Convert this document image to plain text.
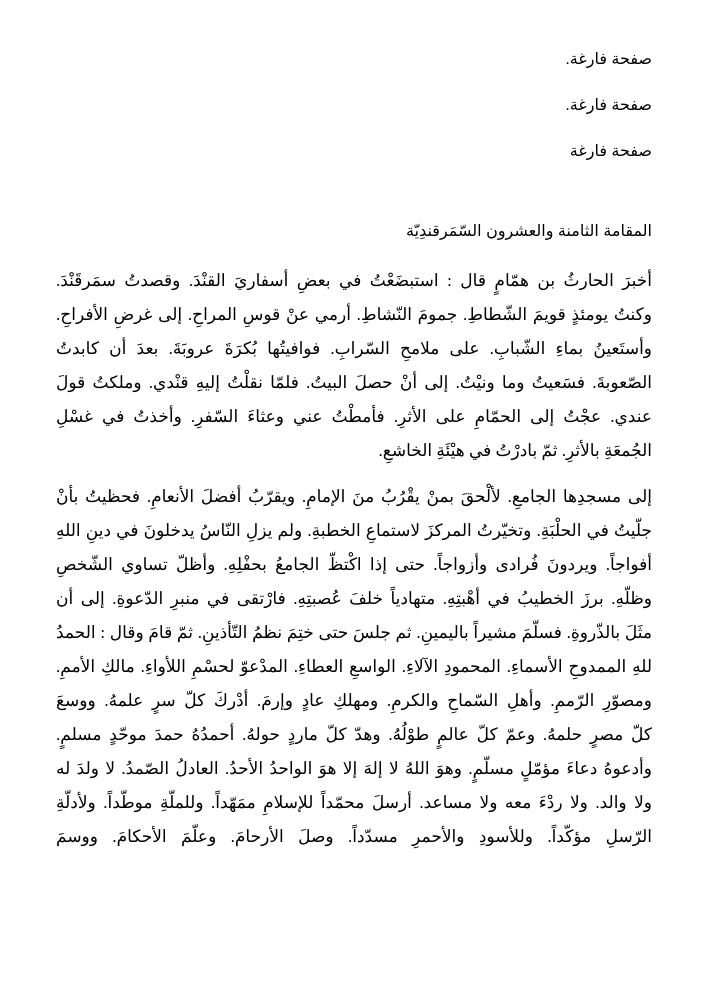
صفحة فارغة.
صفحة فارغة.
صفحة فارغة
المقامة الثامنة والعشرون السّمَرقندِيّة
أخبرَ الحارثُ بن همّامٍ قال : استبضَعْتُ في بعضِ أسفاريَ القنْدَ. وقصدتُ سمَرقَنْدَ.
وكنتُ يومئذٍ قويمَ الشّطاطِ. جمومَ النّشاطِ. أرمي عنْ قوسِ المراحِ. إلى غرضِ الأفراحِ.
وأستَعينُ بماءِ الشّبابِ. على ملامحِ السّرابِ. فوافيتُها بُكرَةَ عروبَةَ. بعدَ أن كابدتُ
الصّعوبةَ. فسَعيتُ وما ونيْتُ. إلى أنْ حصلَ البيتُ. فلمّا نقلْتُ إليهِ قنْدي. وملكتُ قولَ
عندي. عجْتُ إلى الحمّامِ على الأثرِ. فأمطْتُ عني وعثاءَ السّفرِ. وأخذتُ في غسْلِ
الجُمعَةِ بالأثرِ. ثمّ بادرْتُ في هيْئَةِ الخاشعِ.
إلى مسجدِها الجامعِ. لألْحقَ بمنْ يقْرُبُ منَ الإمامِ. ويقرّبُ أفضلَ الأنعامِ. فحظيتُ بأنْ
جلّيتُ في الحلْبَةِ. وتخيّرتُ المركزَ لاستماعِ الخطبةِ. ولم يزلِ النّاسُ يدخلونَ في دينِ اللهِ
أفواجاً. ويردونَ فُرادى وأزواجاً. حتى إذا اكْتظّ الجامعُ بحفْلِهِ. وأظلّ تساوي الشّخصِ
وظلّهِ. برزَ الخطيبُ في أهْبتِهِ. متهادياً خلفَ عُصبتِهِ. فارْتقى في منبرِ الدّعوةِ. إلى أن
مثَلَ بالذّروةِ. فسلّمَ مشيراً باليمينِ. ثم جلسَ حتى ختِمَ نظمُ التّأذينِ. ثمّ قامَ وقال : الحمدُ
للهِ الممدوحِ الأسماءِ. المحمودِ الآلاءِ. الواسعِ العطاءِ. المدْعوّ لحسْمِ اللأواءِ. مالكِ الأممِ.
ومصوّرِ الرّممِ. وأهلِ السّماحِ والكرمِ. ومهلكِ عادٍ وإرمَ. أدْركَ كلّ سرٍ علمهُ. ووسعَ
كلّ مصرٍ حلمهُ. وعمّ كلّ عالمٍ طوْلُهُ. وهدّ كلّ ماردٍ حولهُ. أحمدُهُ حمدَ موحّدٍ مسلمٍ.
وأدعوهُ دعاءَ مؤمّلٍ مسلّمٍ. وهوَ اللهُ لا إلهَ إلا هوَ الواحدُ الأحدُ. العادلُ الصّمدُ. لا ولدَ له
ولا والد. ولا ردْءَ معه ولا مساعد. أرسلَ محمّداً للإسلامِ ممَهّداً. وللملّةِ موطّداً. ولأدلّةِ
الرّسلِ مؤكّداً. وللأسودِ والأحمرِ مسدّداً. وصلَ الأرحامَ. وعلّمَ الأحكامَ. ووسمَ
